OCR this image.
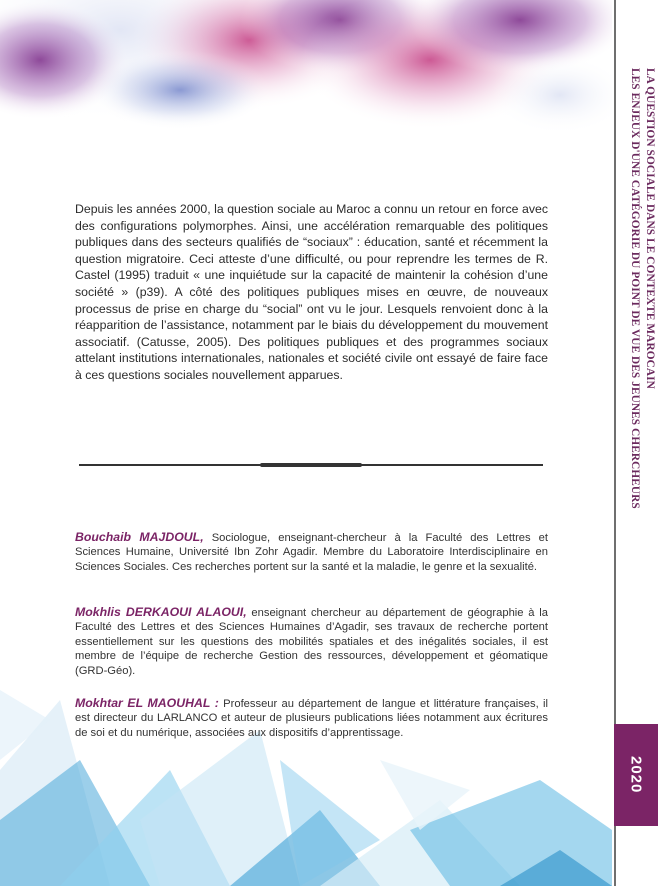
LA QUESTION SOCIALE DANS LE CONTEXTE MAROCAIN
LES ENJEUX D'UNE CATÉGORIE DU POINT DE VUE DES JEUNES CHERCHEURS
2020

Depuis les années 2000, la question sociale au Maroc a connu un retour en force avec des configurations polymorphes. Ainsi, une accélération remarquable des politiques publiques dans des secteurs qualifiés de “sociaux” : éducation, santé et récemment la question migratoire. Ceci atteste d’une difficulté, ou pour reprendre les termes de R. Castel (1995) traduit « une inquiétude sur la capacité de maintenir la cohésion d’une société » (p39). A côté des politiques publiques mises en œuvre, de nouveaux processus de prise en charge du “social” ont vu le jour. Lesquels renvoient donc à la réapparition de l’assistance, notamment par le biais du développement du mouvement associatif. (Catusse, 2005). Des politiques publiques et des programmes sociaux attelant institutions internationales, nationales et société civile ont essayé de faire face à ces questions sociales nouvellement apparues.

Bouchaib MAJDOUL, Sociologue, enseignant-chercheur à la Faculté des Lettres et Sciences Humaine, Université Ibn Zohr Agadir. Membre du Laboratoire Interdisciplinaire en Sciences Sociales. Ces recherches portent sur la santé et la maladie, le genre et la sexualité.

Mokhlis DERKAOUI ALAOUI, enseignant chercheur au département de géographie à la Faculté des Lettres et des Sciences Humaines d’Agadir, ses travaux de recherche portent essentiellement sur les questions des mobilités spatiales et des inégalités sociales, il est membre de l’équipe de recherche Gestion des ressources, développement et géomatique (GRD-Géo).

Mokhtar EL MAOUHAL : Professeur au département de langue et littérature françaises, il est directeur du LARLANCO et auteur de plusieurs publications liées notamment aux écritures de soi et du numérique, associées aux dispositifs d’apprentissage.
